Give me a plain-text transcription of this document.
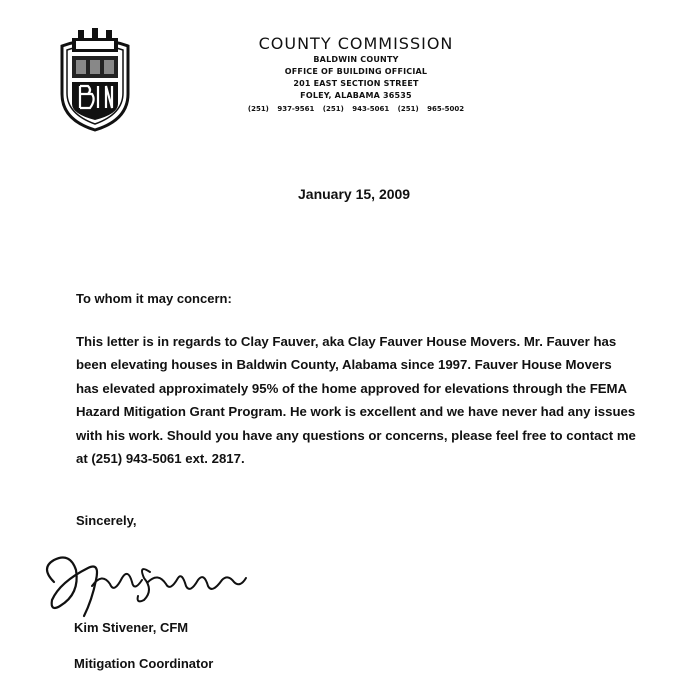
COUNTY COMMISSION
BALDWIN COUNTY
OFFICE OF BUILDING OFFICIAL
201 EAST SECTION STREET
FOLEY, ALABAMA 36535
(251) 937-9561 (251) 943-5061 (251) 965-5002
January 15, 2009
To whom it may concern:

This letter is in regards to Clay Fauver, aka Clay Fauver House Movers. Mr. Fauver has been elevating houses in Baldwin County, Alabama since 1997. Fauver House Movers has elevated approximately 95% of the home approved for elevations through the FEMA Hazard Mitigation Grant Program. He work is excellent and we have never had any issues with his work. Should you have any questions or concerns, please feel free to contact me at (251) 943-5061 ext. 2817.

Sincerely,
Kim Stivener, CFM
Mitigation Coordinator
